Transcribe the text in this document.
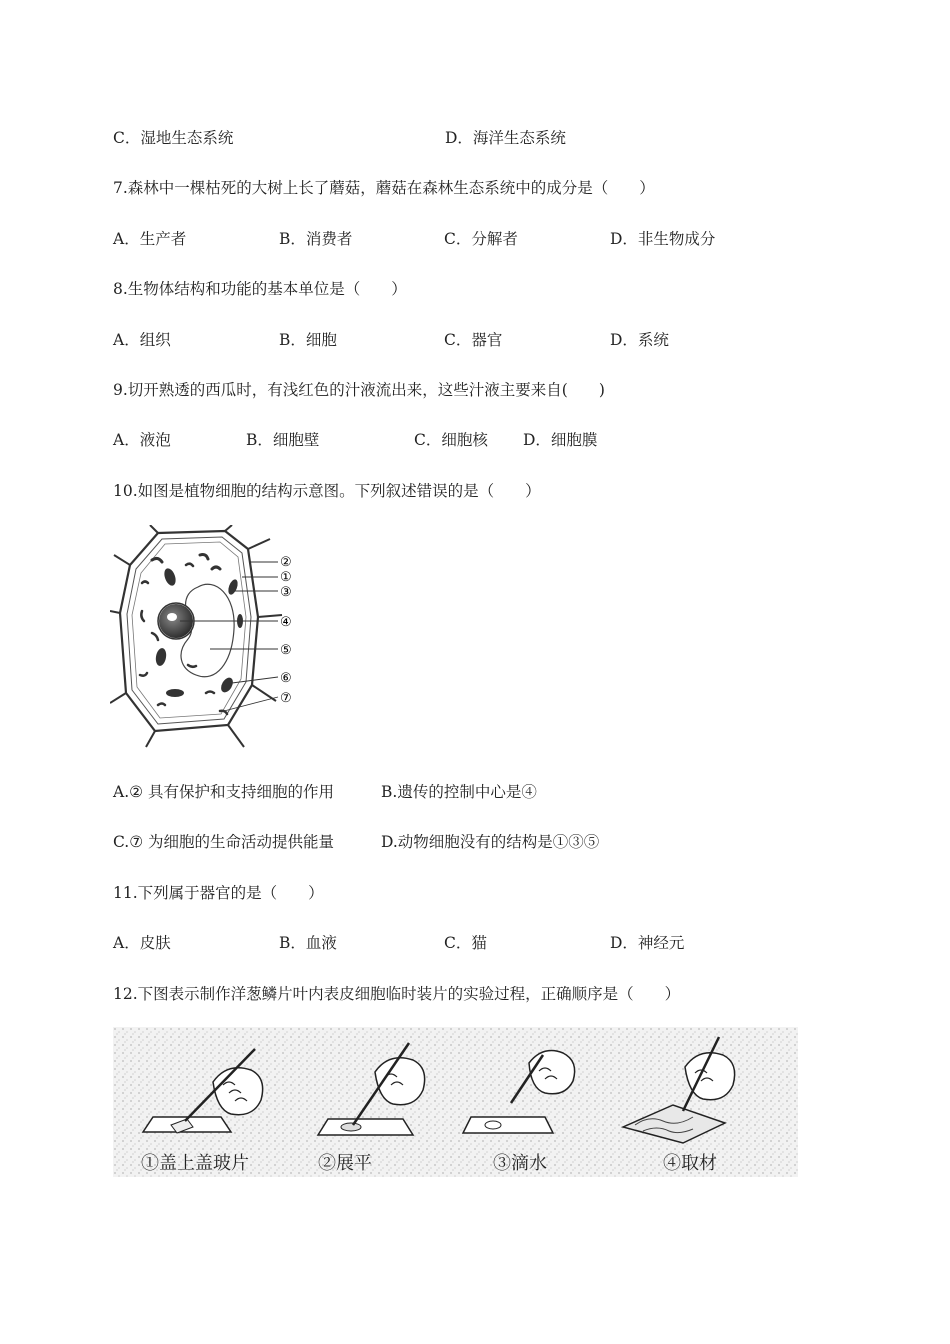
C．湿地生态系统	D．海洋生态系统
7.森林中一棵枯死的大树上长了蘑菇，蘑菇在森林生态系统中的成分是（　　）
A．生产者	B．消费者	C．分解者	D．非生物成分
8.生物体结构和功能的基本单位是（　　）
A．组织	B．细胞	C．器官	D．系统
9.切开熟透的西瓜时，有浅红色的汁液流出来，这些汁液主要来自(　　)
A．液泡	B．细胞壁	C．细胞核 D．细胞膜
10.如图是植物细胞的结构示意图。下列叙述错误的是（　　）
②
①
③
④
⑤
⑥
⑦
A.② 具有保护和支持细胞的作用	B.遗传的控制中心是④
C.⑦ 为细胞的生命活动提供能量	D.动物细胞没有的结构是①③⑤
11.下列属于器官的是（　　）
A．皮肤	B．血液	C．猫	D．神经元
12.下图表示制作洋葱鳞片叶内表皮细胞临时装片的实验过程，正确顺序是（　　）
①盖上盖玻片	②展平	③滴水	④取材
